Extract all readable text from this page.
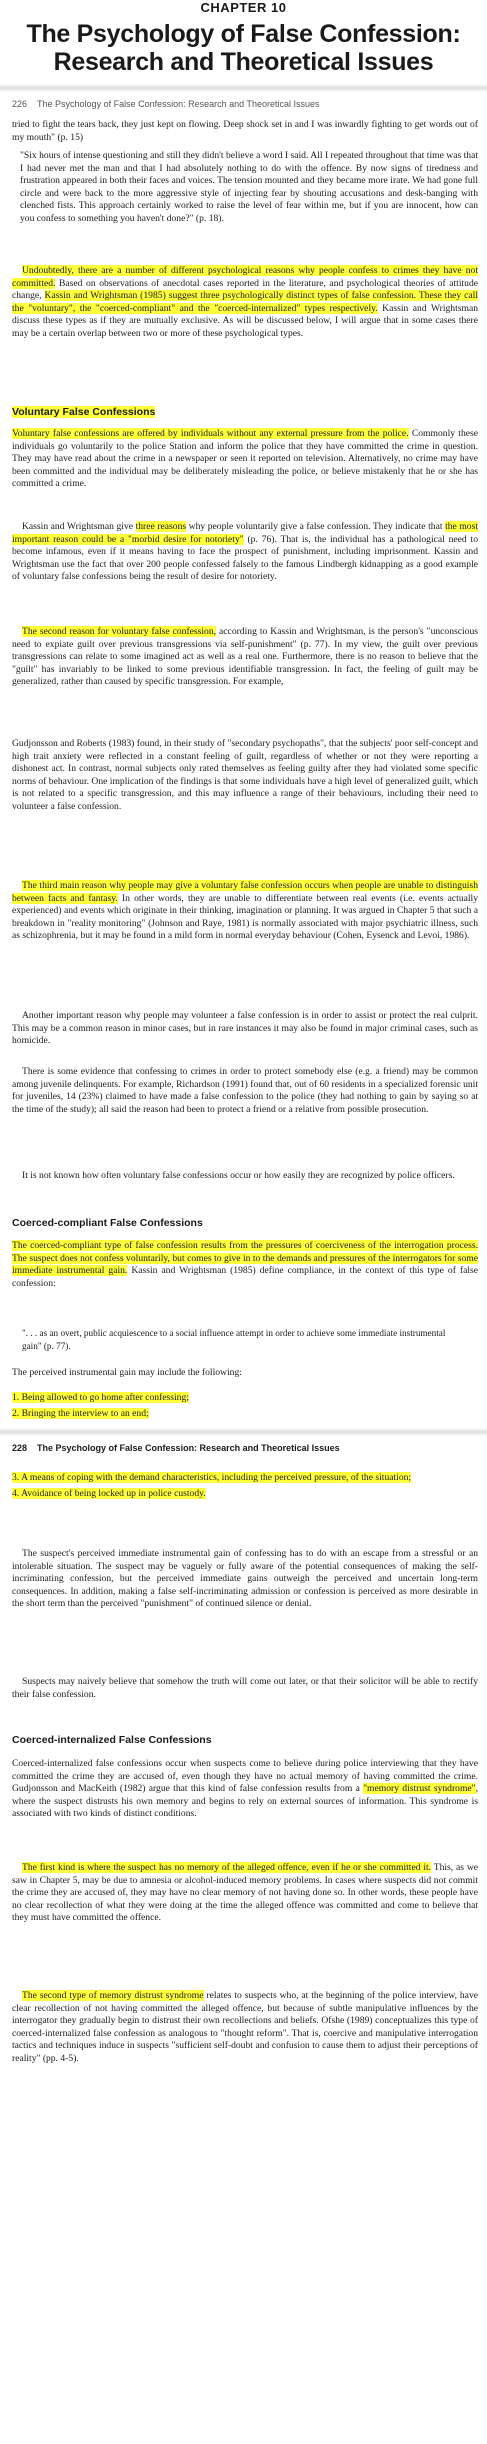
CHAPTER 10
The Psychology of False Confession: Research and Theoretical Issues
226 The Psychology of False Confession: Research and Theoretical Issues

tried to fight the tears back, they just kept on flowing. Deep shock set in and I was inwardly fighting to get words out of my mouth" (p. 15)

"Six hours of intense questioning and still they didn't believe a word I said. All I repeated throughout that time was that I had never met the man and that I had absolutely nothing to do with the offence. By now signs of tiredness and frustration appeared in both their faces and voices. The tension mounted and they became more irate. We had gone full circle and were back to the more aggressive style of injecting fear by shouting accusations and desk-banging with clenched fists. This approach certainly worked to raise the level of fear within me, but if you are innocent, how can you confess to something you haven't done?" (p. 18).

Undoubtedly, there are a number of different psychological reasons why people confess to crimes they have not committed. Based on observations of anecdotal cases reported in the literature, and psychological theories of attitude change, Kassin and Wrightsman (1985) suggest three psychologically distinct types of false confession. These they call the "voluntary", the "coerced-compliant" and the "coerced-internalized" types respectively. Kassin and Wrightsman discuss these types as if they are mutually exclusive. As will be discussed below, I will argue that in some cases there may be a certain overlap between two or more of these psychological types.

Voluntary False Confessions

Voluntary false confessions are offered by individuals without any external pressure from the police. Commonly these individuals go voluntarily to the police Station and inform the police that they have committed the crime in question. They may have read about the crime in a newspaper or seen it reported on television. Alternatively, no crime may have been committed and the individual may be deliberately misleading the police, or believe mistakenly that he or she has committed a crime.

Kassin and Wrightsman give three reasons why people voluntarily give a false confession. They indicate that the most important reason could be a "morbid desire for notoriety" (p. 76). That is, the individual has a pathological need to become infamous, even if it means having to face the prospect of punishment, including imprisonment. Kassin and Wrightsman use the fact that over 200 people confessed falsely to the famous Lindbergh kidnapping as a good example of voluntary false confessions being the result of desire for notoriety.

The second reason for voluntary false confession, according to Kassin and Wrightsman, is the person's "unconscious need to expiate guilt over previous transgressions via self-punishment" (p. 77). In my view, the guilt over previous transgressions can relate to some imagined act as well as a real one. Furthermore, there is no reason to believe that the "guilt" has invariably to be linked to some previous identifiable transgression. In fact, the feeling of guilt may be generalized, rather than caused by specific transgression. For example,

Gudjonsson and Roberts (1983) found, in their study of "secondary psychopaths", that the subjects' poor self-concept and high trait anxiety were reflected in a constant feeling of guilt, regardless of whether or not they were reporting a dishonest act. In contrast, normal subjects only rated themselves as feeling guilty after they had violated some specific norms of behaviour. One implication of the findings is that some individuals have a high level of generalized guilt, which is not related to a specific transgression, and this may influence a range of their behaviours, including their need to volunteer a false confession.

The third main reason why people may give a voluntary false confession occurs when people are unable to distinguish between facts and fantasy. In other words, they are unable to differentiate between real events (i.e. events actually experienced) and events which originate in their thinking, imagination or planning. It was argued in Chapter 5 that such a breakdown in "reality monitoring" (Johnson and Raye, 1981) is normally associated with major psychiatric illness, such as schizophrenia, but it may be found in a mild form in normal everyday behaviour (Cohen, Eysenck and Levoi, 1986).

Another important reason why people may volunteer a false confession is in order to assist or protect the real culprit. This may be a common reason in minor cases, but in rare instances it may also be found in major criminal cases, such as homicide.

There is some evidence that confessing to crimes in order to protect somebody else (e.g. a friend) may be common among juvenile delinquents. For example, Richardson (1991) found that, out of 60 residents in a specialized forensic unit for juveniles, 14 (23%) claimed to have made a false confession to the police (they had nothing to gain by saying so at the time of the study); all said the reason had been to protect a friend or a relative from possible prosecution.

It is not known how often voluntary false confessions occur or how easily they are recognized by police officers.

Coerced-compliant False Confessions

The coerced-compliant type of false confession results from the pressures of coerciveness of the interrogation process. The suspect does not confess voluntarily, but comes to give in to the demands and pressures of the interrogators for some immediate instrumental gain. Kassin and Wrightsman (1985) define compliance, in the context of this type of false confession:

". . . as an overt, public acquiescence to a social influence attempt in order to achieve some immediate instrumental gain" (p. 77).

The perceived instrumental gain may include the following:

1. Being allowed to go home after confessing;
2. Bringing the interview to an end;
228 The Psychology of False Confession: Research and Theoretical Issues
3. A means of coping with the demand characteristics, including the perceived pressure, of the situation;
4. Avoidance of being locked up in police custody.

The suspect's perceived immediate instrumental gain of confessing has to do with an escape from a stressful or an intolerable situation. The suspect may be vaguely or fully aware of the potential consequences of making the self-incriminating confession, but the perceived immediate gains outweigh the perceived and uncertain long-term consequences. In addition, making a false self-incriminating admission or confession is perceived as more desirable in the short term than the perceived "punishment" of continued silence or denial.

Suspects may naively believe that somehow the truth will come out later, or that their solicitor will be able to rectify their false confession.

Coerced-internalized False Confessions

Coerced-internalized false confessions occur when suspects come to believe during police interviewing that they have committed the crime they are accused of, even though they have no actual memory of having committed the crime. Gudjonsson and MacKeith (1982) argue that this kind of false confession results from a "memory distrust syndrome", where the suspect distrusts his own memory and begins to rely on external sources of information. This syndrome is associated with two kinds of distinct conditions.

The first kind is where the suspect has no memory of the alleged offence, even if he or she committed it. This, as we saw in Chapter 5, may be due to amnesia or alcohol-induced memory problems. In cases where suspects did not commit the crime they are accused of, they may have no clear memory of not having done so. In other words, these people have no clear recollection of what they were doing at the time the alleged offence was committed and come to believe that they must have committed the offence.

The second type of memory distrust syndrome relates to suspects who, at the beginning of the police interview, have clear recollection of not having committed the alleged offence, but because of subtle manipulative influences by the interrogator they gradually begin to distrust their own recollections and beliefs. Ofshe (1989) conceptualizes this type of coerced-internalized false confession as analogous to "thought reform". That is, coercive and manipulative interrogation tactics and techniques induce in suspects "sufficient self-doubt and confusion to cause them to adjust their perceptions of reality" (pp. 4-5).
